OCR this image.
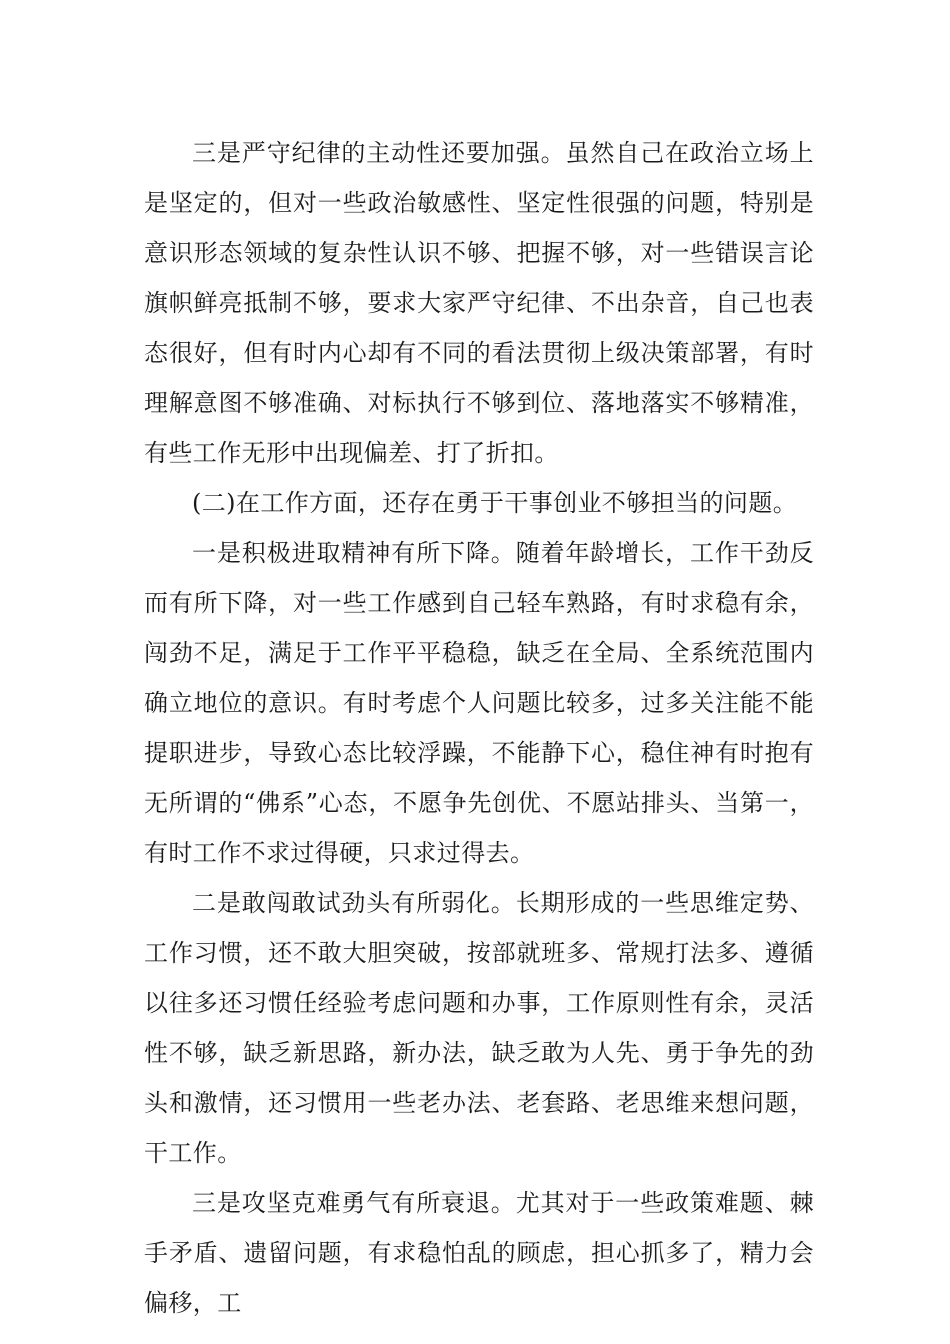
三是严守纪律的主动性还要加强。虽然自己在政治立场上是坚定的，但对一些政治敏感性、坚定性很强的问题，特别是意识形态领域的复杂性认识不够、把握不够，对一些错误言论旗帜鲜亮抵制不够，要求大家严守纪律、不出杂音，自己也表态很好，但有时内心却有不同的看法贯彻上级决策部署，有时理解意图不够准确、对标执行不够到位、落地落实不够精准，有些工作无形中出现偏差、打了折扣。

(二)在工作方面，还存在勇于干事创业不够担当的问题。

一是积极进取精神有所下降。随着年龄增长，工作干劲反而有所下降，对一些工作感到自己轻车熟路，有时求稳有余，闯劲不足，满足于工作平平稳稳，缺乏在全局、全系统范围内确立地位的意识。有时考虑个人问题比较多，过多关注能不能提职进步，导致心态比较浮躁，不能静下心，稳住神有时抱有无所谓的“佛系”心态，不愿争先创优、不愿站排头、当第一，有时工作不求过得硬，只求过得去。

二是敢闯敢试劲头有所弱化。长期形成的一些思维定势、工作习惯，还不敢大胆突破，按部就班多、常规打法多、遵循以往多还习惯任经验考虑问题和办事，工作原则性有余，灵活性不够，缺乏新思路，新办法，缺乏敢为人先、勇于争先的劲头和激情，还习惯用一些老办法、老套路、老思维来想问题，干工作。

三是攻坚克难勇气有所衰退。尤其对于一些政策难题、棘手矛盾、遗留问题，有求稳怕乱的顾虑，担心抓多了，精力会偏移，工
